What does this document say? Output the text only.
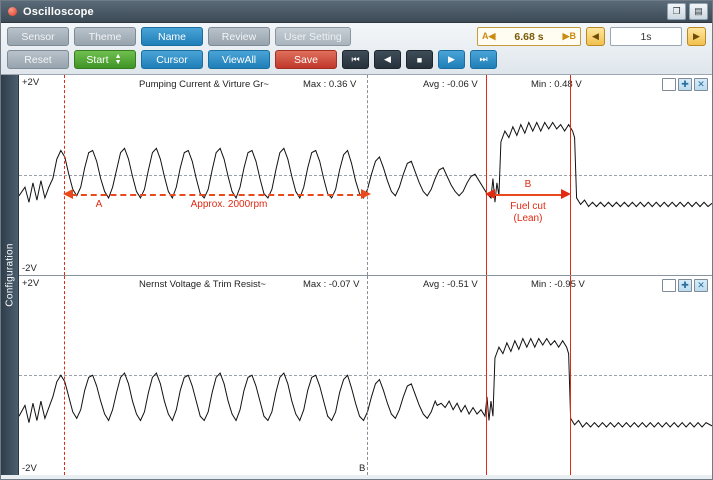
Oscilloscope	❐	▤
Sensor	Theme	Name	Review	User Setting	A◀ 6.68 s ▶B	◀	1s	▶
Reset	Start ▲
▼	Cursor	ViewAll	Save	⏮	◀	■	▶	⏭
Configuration
+2V
-2V
Pumping Current & Virture Gr~	Max : 0.36 V	Avg : -0.06 V	Min : 0.48 V	✚ ✕
A	Approx. 2000rpm
B
Fuel cut
(Lean)
+2V
-2V
Nernst Voltage & Trim Resist~	Max : -0.07 V	Avg : -0.51 V	Min : -0.95 V	✚ ✕
B
